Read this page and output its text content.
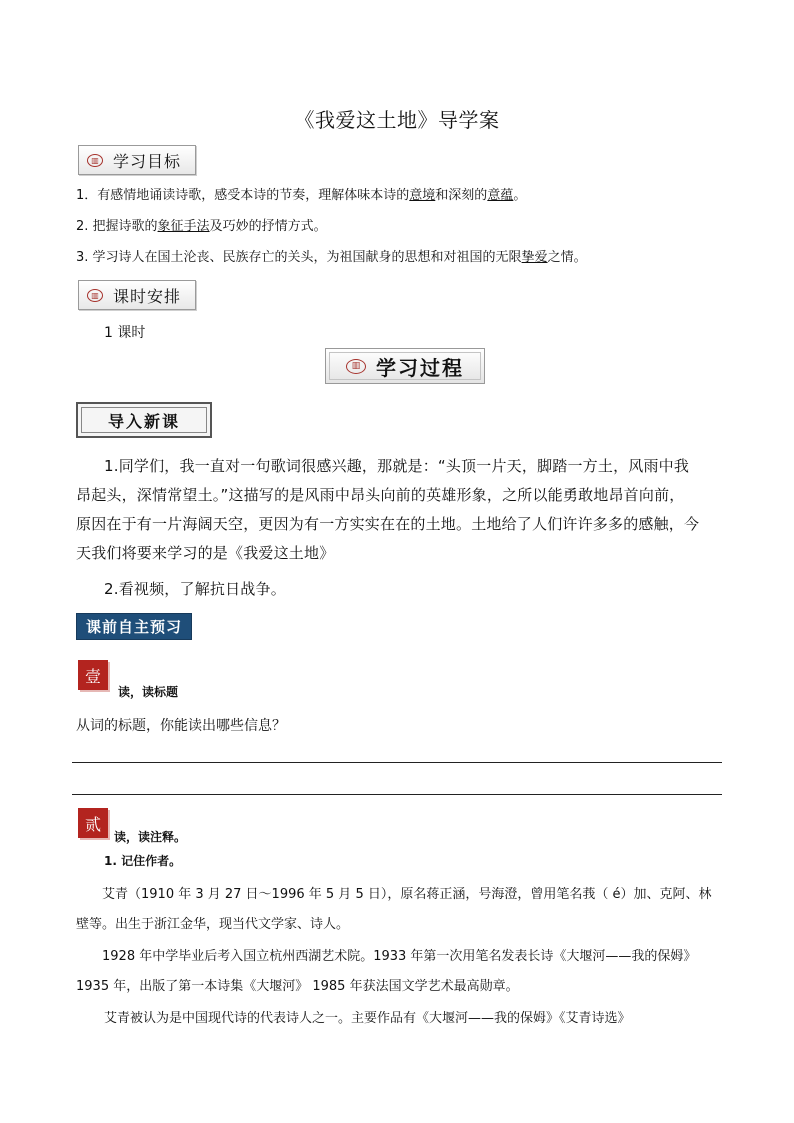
《我爱这土地》导学案
▥ 学习目标
1．有感情地诵读诗歌，感受本诗的节奏，理解体味本诗的意境和深刻的意蕴。
2. 把握诗歌的象征手法及巧妙的抒情方式。
3. 学习诗人在国土沦丧、民族存亡的关头，为祖国献身的思想和对祖国的无限挚爱之情。
▥ 课时安排
1 课时
▥ 学习过程
导入新课
1.同学们，我一直对一句歌词很感兴趣，那就是：“头顶一片天，脚踏一方土，风雨中我
昂起头，深情常望土。”这描写的是风雨中昂头向前的英雄形象，之所以能勇敢地昂首向前，
原因在于有一片海阔天空，更因为有一方实实在在的土地。土地给了人们许许多多的感触，今
天我们将要来学习的是《我爱这土地》
2.看视频，了解抗日战争。
课前自主预习
壹
读，读标题
从词的标题，你能读出哪些信息？
贰
读，读注释。
1. 记住作者。
艾青（1910 年 3 月 27 日～1996 年 5 月 5 日），原名蒋正涵，号海澄，曾用笔名莪（ é）加、克阿、林
壁等。出生于浙江金华，现当代文学家、诗人。
1928 年中学毕业后考入国立杭州西湖艺术院。1933 年第一次用笔名发表长诗《大堰河——我的保姆》
1935 年，出版了第一本诗集《大堰河》 1985 年获法国文学艺术最高勋章。
艾青被认为是中国现代诗的代表诗人之一。主要作品有《大堰河——我的保姆》《艾青诗选》
